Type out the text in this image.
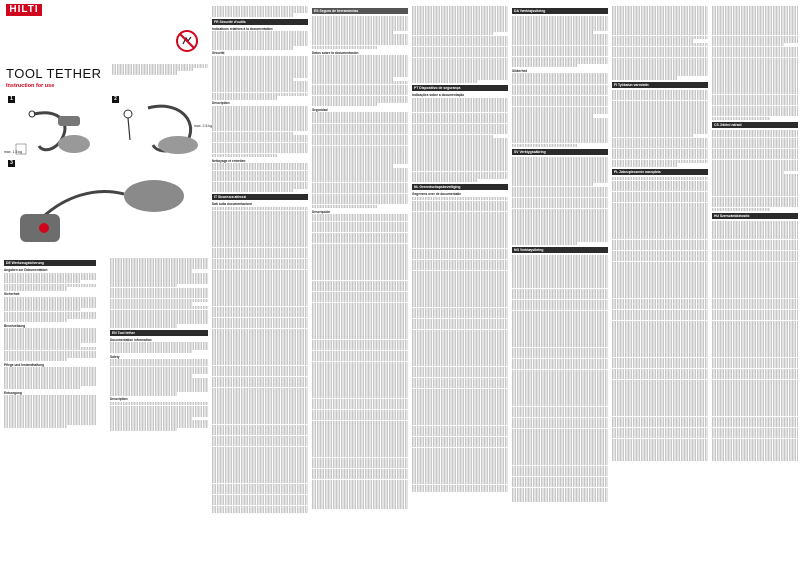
HILTI
TOOL TETHER
Instruction for use
1
max. 1.5 kg
2
max. 2.5 kg
3
DE Werkzeugsicherung
Angaben zur Dokumentation
Sicherheit
Beschreibung
Pflege und Instandhaltung
Entsorgung
EN Tool tether
Documentation information
Safety
Description
FR Sécurité d'outils
Indications relatives à la documentation
Sécurité
Description
Nettoyage et entretien
IT Sicurezza attrezzi
Dati sulla documentazione
ES Seguro de herramientas
Datos sobre la documentación
Seguridad
Descripción
PT Dispositivo de segurança
Indicações sobre a documentação
NL Gereedschapsbeveiliging
Gegevens over de documentatie
DA Værktøjssikring
Sikkerhed
SV Verktygssäkring
NO Verktøysikring
FI Työkalun varmistin
PL Zabezpieczenie narzędzia
CS Jištění nářadí
HU Szerszámbiztosító
